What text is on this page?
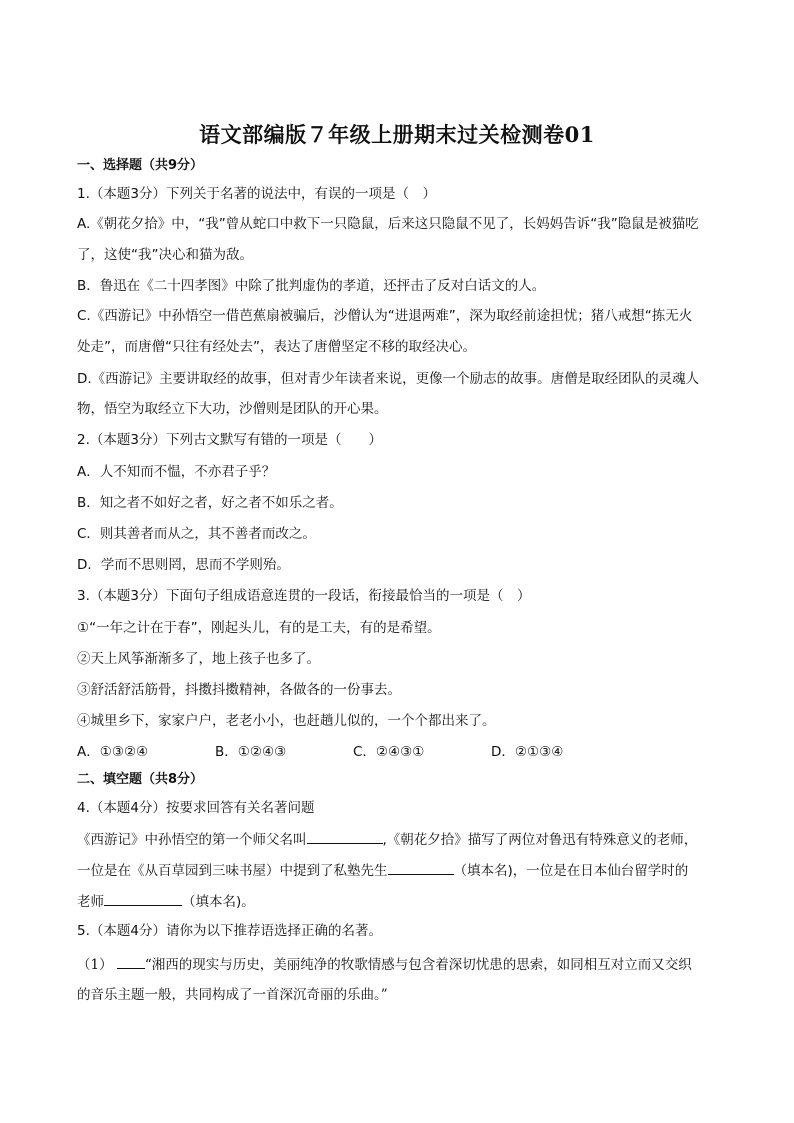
语文部编版７年级上册期末过关检测卷01
一、选择题（共9分）
1.（本题3分）下列关于名著的说法中，有误的一项是（　）
A.《朝花夕拾》中，“我”曾从蛇口中救下一只隐鼠，后来这只隐鼠不见了，长妈妈告诉“我”隐鼠是被猫吃
了，这使“我”决心和猫为敌。
B．鲁迅在《二十四孝图》中除了批判虚伪的孝道，还抨击了反对白话文的人。
C.《西游记》中孙悟空一借芭蕉扇被骗后，沙僧认为“进退两难”，深为取经前途担忧；猪八戒想“拣无火
处走”，而唐僧“只往有经处去”，表达了唐僧坚定不移的取经决心。
D.《西游记》主要讲取经的故事，但对青少年读者来说，更像一个励志的故事。唐僧是取经团队的灵魂人
物，悟空为取经立下大功，沙僧则是团队的开心果。
2.（本题3分）下列古文默写有错的一项是（　　）
A．人不知而不愠，不亦君子乎？
B．知之者不如好之者，好之者不如乐之者。
C．则其善者而从之，其不善者而改之。
D．学而不思则罔，思而不学则殆。
3.（本题3分）下面句子组成语意连贯的一段话，衔接最恰当的一项是（　）
①“一年之计在于春”，刚起头儿，有的是工夫，有的是希望。
②天上风筝渐渐多了，地上孩子也多了。
③舒活舒活筋骨，抖擞抖擞精神，各做各的一份事去。
④城里乡下，家家户户，老老小小，也赶趟儿似的，一个个都出来了。
A．①③②④	B．①②④③	C．②④③①	D．②①③④
二、填空题（共8分）
4.（本题4分）按要求回答有关名著问题
《西游记》中孙悟空的第一个师父名叫	,《朝花夕拾》描写了两位对鲁迅有特殊意义的老师，
一位是在《从百草园到三味书屋）中提到了私塾先生	（填本名)，一位是在日本仙台留学时的
老师	（填本名)。
5.（本题4分）请你为以下推荐语选择正确的名著。
（1） “湘西的现实与历史，美丽纯净的牧歌情感与包含着深切忧患的思索，如同相互对立而又交织
的音乐主题一般，共同构成了一首深沉奇丽的乐曲。”
